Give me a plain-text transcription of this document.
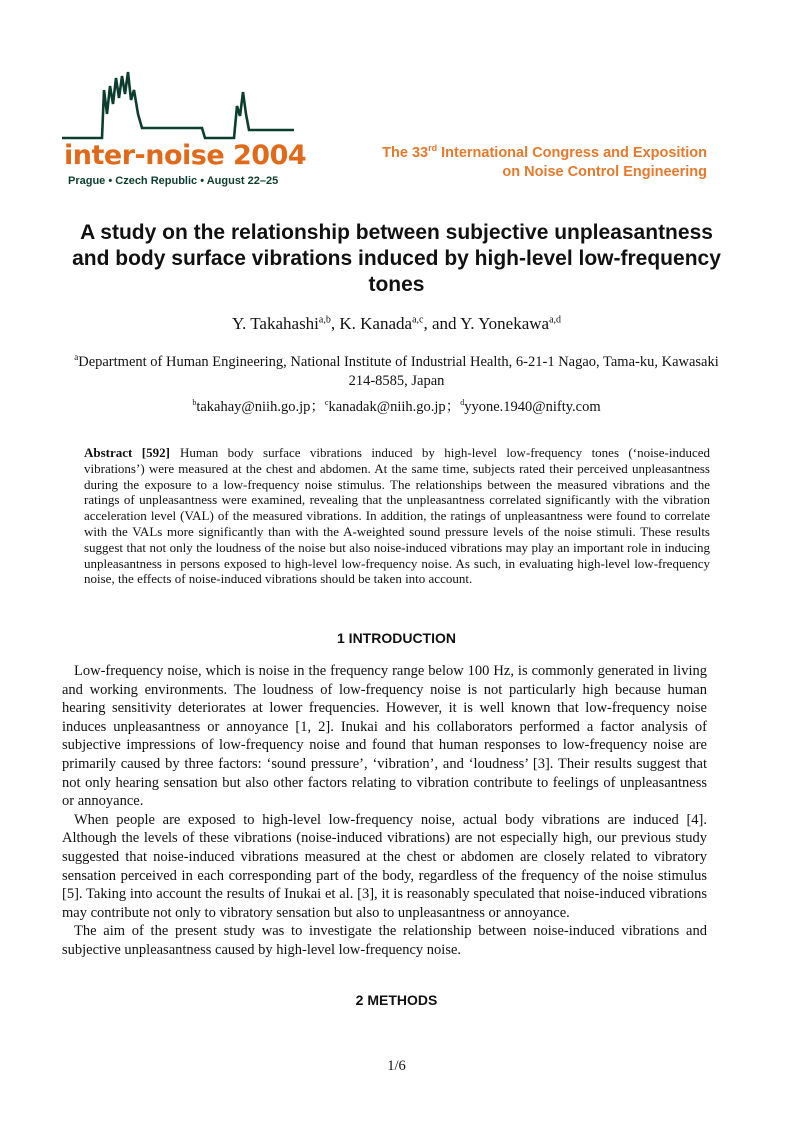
inter-noise 2004
Prague • Czech Republic • August 22–25
The 33rd International Congress and Exposition
on Noise Control Engineering
A study on the relationship between subjective unpleasantness and body surface vibrations induced by high-level low-frequency tones
Y. Takahashi$^{a,b}$, K. Kanada$^{a,c}$, and Y. Yonekawa$^{a,d}$
$^a$Department of Human Engineering, National Institute of Industrial Health, 6-21-1 Nagao, Tama-ku, Kawasaki 214-8585, Japan
$^b$takahay@niih.go.jp；$^c$kanadak@niih.go.jp；$^d$yyone.1940@nifty.com
Abstract [592] Human body surface vibrations induced by high-level low-frequency tones (‘noise-induced vibrations’) were measured at the chest and abdomen. At the same time, subjects rated their perceived unpleasantness during the exposure to a low-frequency noise stimulus. The relationships between the measured vibrations and the ratings of unpleasantness were examined, revealing that the unpleasantness correlated significantly with the vibration acceleration level (VAL) of the measured vibrations. In addition, the ratings of unpleasantness were found to correlate with the VALs more significantly than with the A-weighted sound pressure levels of the noise stimuli. These results suggest that not only the loudness of the noise but also noise-induced vibrations may play an important role in inducing unpleasantness in persons exposed to high-level low-frequency noise. As such, in evaluating high-level low-frequency noise, the effects of noise-induced vibrations should be taken into account.
1 INTRODUCTION

Low-frequency noise, which is noise in the frequency range below 100 Hz, is commonly generated in living and working environments. The loudness of low-frequency noise is not particularly high because human hearing sensitivity deteriorates at lower frequencies. However, it is well known that low-frequency noise induces unpleasantness or annoyance [1, 2]. Inukai and his collaborators performed a factor analysis of subjective impressions of low-frequency noise and found that human responses to low-frequency noise are primarily caused by three factors: ‘sound pressure’, ‘vibration’, and ‘loudness’ [3]. Their results suggest that not only hearing sensation but also other factors relating to vibration contribute to feelings of unpleasantness or annoyance.

When people are exposed to high-level low-frequency noise, actual body vibrations are induced [4]. Although the levels of these vibrations (noise-induced vibrations) are not especially high, our previous study suggested that noise-induced vibrations measured at the chest or abdomen are closely related to vibratory sensation perceived in each corresponding part of the body, regardless of the frequency of the noise stimulus [5]. Taking into account the results of Inukai et al. [3], it is reasonably speculated that noise-induced vibrations may contribute not only to vibratory sensation but also to unpleasantness or annoyance.

The aim of the present study was to investigate the relationship between noise-induced vibrations and subjective unpleasantness caused by high-level low-frequency noise.

2 METHODS
1/6
